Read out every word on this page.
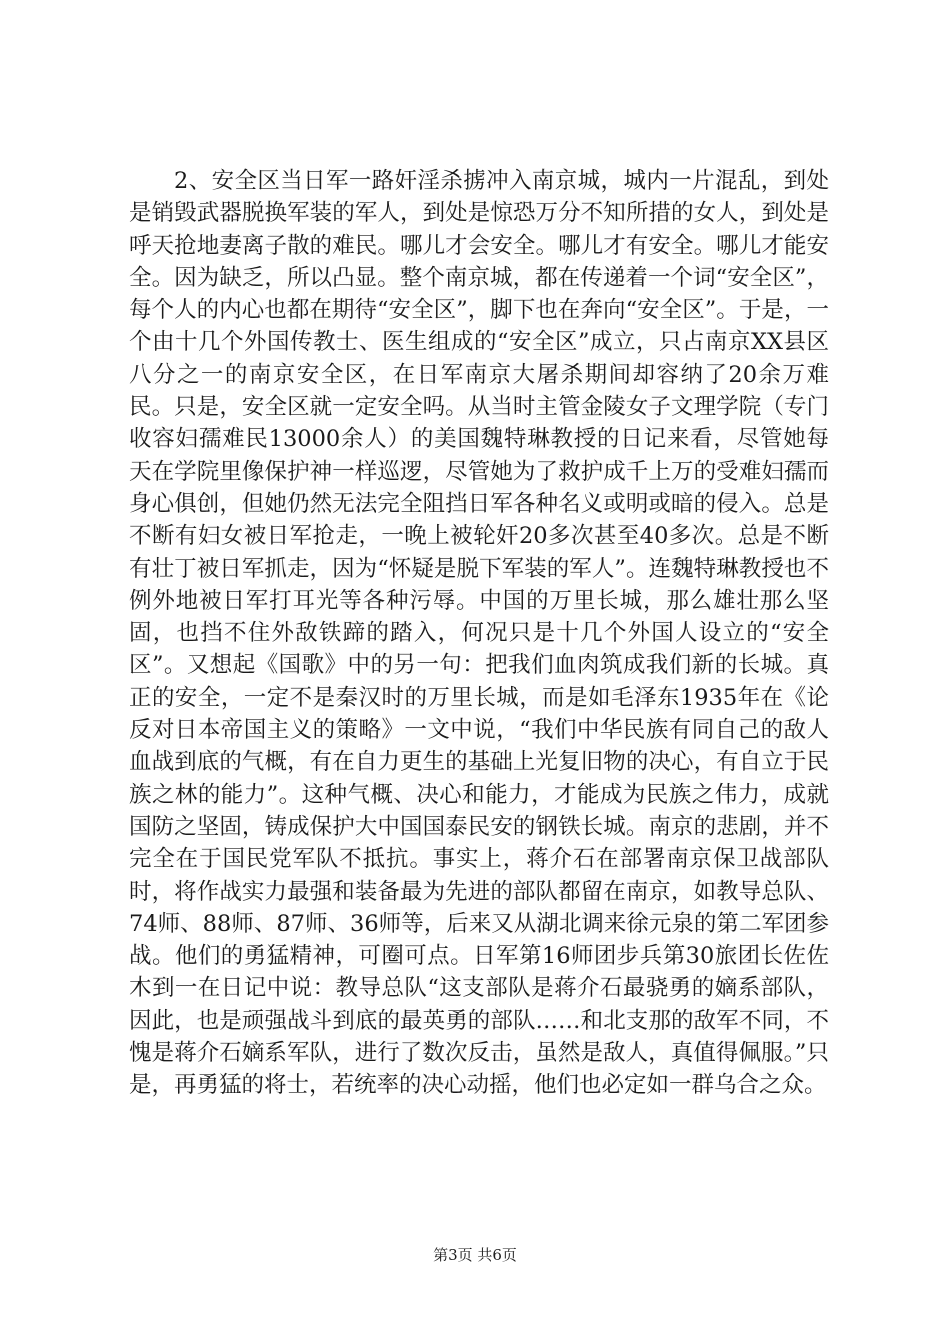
2、安全区当日军一路奸淫杀掳冲入南京城，城内一片混乱，到处是销毁武器脱换军装的军人，到处是惊恐万分不知所措的女人，到处是呼天抢地妻离子散的难民。哪儿才会安全。哪儿才有安全。哪儿才能安全。因为缺乏，所以凸显。整个南京城，都在传递着一个词“安全区”，每个人的内心也都在期待“安全区”，脚下也在奔向“安全区”。于是，一个由十几个外国传教士、医生组成的“安全区”成立，只占南京XX县区八分之一的南京安全区，在日军南京大屠杀期间却容纳了20余万难民。只是，安全区就一定安全吗。从当时主管金陵女子文理学院（专门收容妇孺难民13000余人）的美国魏特琳教授的日记来看，尽管她每天在学院里像保护神一样巡逻，尽管她为了救护成千上万的受难妇孺而身心俱创，但她仍然无法完全阻挡日军各种名义或明或暗的侵入。总是不断有妇女被日军抢走，一晚上被轮奸20多次甚至40多次。总是不断有壮丁被日军抓走，因为“怀疑是脱下军装的军人”。连魏特琳教授也不例外地被日军打耳光等各种污辱。中国的万里长城，那么雄壮那么坚固，也挡不住外敌铁蹄的踏入，何况只是十几个外国人设立的“安全区”。又想起《国歌》中的另一句：把我们血肉筑成我们新的长城。真正的安全，一定不是秦汉时的万里长城，而是如毛泽东1935年在《论反对日本帝国主义的策略》一文中说，“我们中华民族有同自己的敌人血战到底的气概，有在自力更生的基础上光复旧物的决心，有自立于民族之林的能力”。这种气概、决心和能力，才能成为民族之伟力，成就国防之坚固，铸成保护大中国国泰民安的钢铁长城。南京的悲剧，并不完全在于国民党军队不抵抗。事实上，蒋介石在部署南京保卫战部队时，将作战实力最强和装备最为先进的部队都留在南京，如教导总队、74师、88师、87师、36师等，后来又从湖北调来徐元泉的第二军团参战。他们的勇猛精神，可圈可点。日军第16师团步兵第30旅团长佐佐木到一在日记中说：教导总队“这支部队是蒋介石最骁勇的嫡系部队，因此，也是顽强战斗到底的最英勇的部队……和北支那的敌军不同，不愧是蒋介石嫡系军队，进行了数次反击，虽然是敌人，真值得佩服。”只是，再勇猛的将士，若统率的决心动摇，他们也必定如一群乌合之众。

第3页 共6页
